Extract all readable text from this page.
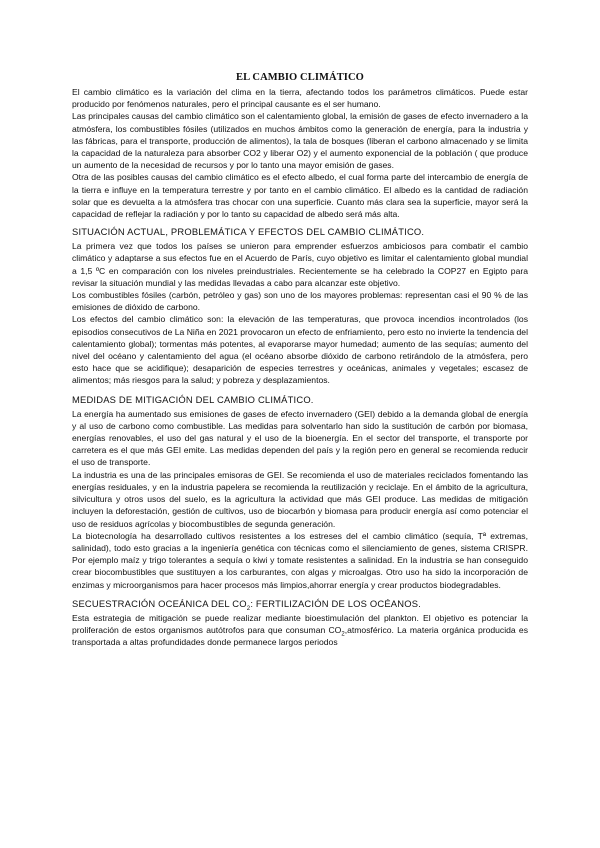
EL CAMBIO CLIMÁTICO

El cambio climático es la variación del clima en la tierra, afectando todos los parámetros climáticos. Puede estar producido por fenómenos naturales, pero el principal causante es el ser humano.

Las principales causas del cambio climático son el calentamiento global, la emisión de gases de efecto invernadero a la atmósfera, los combustibles fósiles (utilizados en muchos ámbitos como la generación de energía, para la industria y las fábricas, para el transporte, producción de alimentos), la tala de bosques (liberan el carbono almacenado y se limita la capacidad de la naturaleza para absorber CO2 y liberar O2) y el aumento exponencial de la población ( que produce un aumento de la necesidad de recursos y por lo tanto una mayor emisión de gases.

Otra de las posibles causas del cambio climático es el efecto albedo, el cual forma parte del intercambio de energía de la tierra e influye en la temperatura terrestre y por tanto en el cambio climático. El albedo es la cantidad de radiación solar que es devuelta a la atmósfera tras chocar con una superficie. Cuanto más clara sea la superficie, mayor será la capacidad de reflejar la radiación y por lo tanto su capacidad de albedo será más alta.

SITUACIÓN ACTUAL, PROBLEMÁTICA Y EFECTOS DEL CAMBIO CLIMÁTICO.

La primera vez que todos los países se unieron para emprender esfuerzos ambiciosos para combatir el cambio climático y adaptarse a sus efectos fue en el Acuerdo de París, cuyo objetivo es limitar el calentamiento global mundial a 1,5 ºC en comparación con los niveles preindustriales. Recientemente se ha celebrado la COP27 en Egipto para revisar la situación mundial y las medidas llevadas a cabo para alcanzar este objetivo.

Los combustibles fósiles (carbón, petróleo y gas) son uno de los mayores problemas: representan casi el 90 % de las emisiones de dióxido de carbono.

Los efectos del cambio climático son: la elevación de las temperaturas, que provoca incendios incontrolados (los episodios consecutivos de La Niña en 2021 provocaron un efecto de enfriamiento, pero esto no invierte la tendencia del calentamiento global); tormentas más potentes, al evaporarse mayor humedad; aumento de las sequías; aumento del nivel del océano y calentamiento del agua (el océano absorbe dióxido de carbono retirándolo de la atmósfera, pero esto hace que se acidifique); desaparición de especies terrestres y oceánicas, animales y vegetales; escasez de alimentos; más riesgos para la salud; y pobreza y desplazamientos.

MEDIDAS DE MITIGACIÓN DEL CAMBIO CLIMÁTICO.

La energía ha aumentado sus emisiones de gases de efecto invernadero (GEI) debido a la demanda global de energía y al uso de carbono como combustible. Las medidas para solventarlo han sido la sustitución de carbón por biomasa, energías renovables, el uso del gas natural y el uso de la bioenergía. En el sector del transporte, el transporte por carretera es el que más GEI emite. Las medidas dependen del país y la región pero en general se recomienda reducir el uso de transporte.

La industria es una de las principales emisoras de GEI. Se recomienda el uso de materiales reciclados fomentando las energías residuales, y en la industria papelera se recomienda la reutilización y reciclaje. En el ámbito de la agricultura, silvicultura y otros usos del suelo, es la agricultura la actividad que más GEI produce. Las medidas de mitigación incluyen la deforestación, gestión de cultivos, uso de biocarbón y biomasa para producir energía así como potenciar el uso de residuos agrícolas y biocombustibles de segunda generación.

La biotecnología ha desarrollado cultivos resistentes a los estreses del el cambio climático (sequía, Tª extremas, salinidad), todo esto gracias a la ingeniería genética con técnicas como el silenciamiento de genes, sistema CRISPR. Por ejemplo maíz y trigo tolerantes a sequía o kiwi y tomate resistentes a salinidad. En la industria se han conseguido crear biocombustibles que sustituyen a los carburantes, con algas y microalgas. Otro uso ha sido la incorporación de enzimas y microorganismos para hacer procesos más limpios,ahorrar energía y crear productos biodegradables.

SECUESTRACIÓN OCEÁNICA DEL $CO_2$: FERTILIZACIÓN DE LOS OCÉANOS.

Esta estrategia de mitigación se puede realizar mediante bioestimulación del plankton. El objetivo es potenciar la proliferación de estos organismos autótrofos para que consuman $CO_2,atmosférico$. La materia orgánica producida es transportada a altas profundidades donde permanece largos periodos
